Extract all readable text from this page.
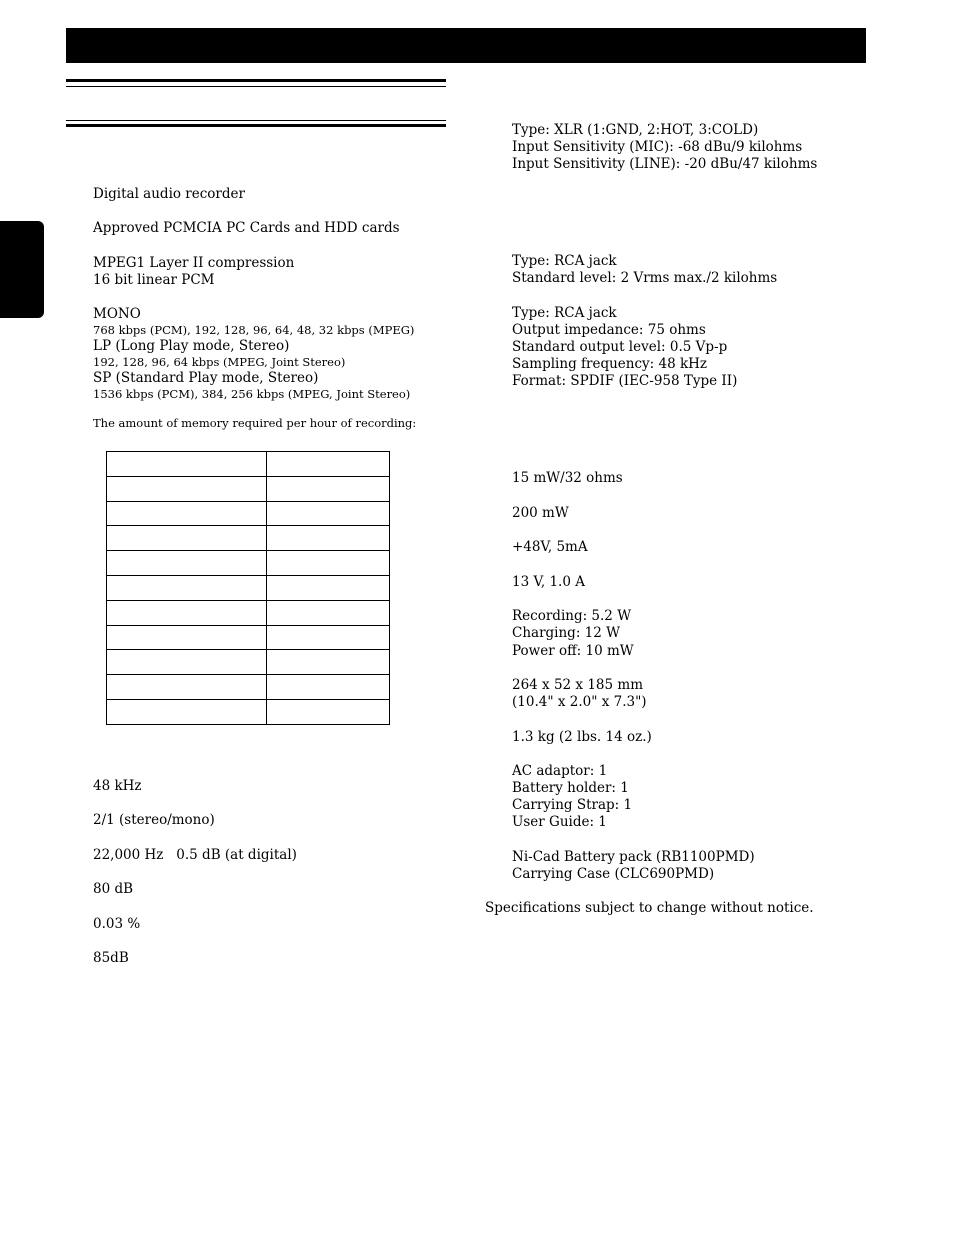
Digital audio recorder
Approved PCMCIA PC Cards and HDD cards
MPEG1 Layer II compression
16 bit linear PCM
MONO
768 kbps (PCM), 192, 128, 96, 64, 48, 32 kbps (MPEG)
LP (Long Play mode, Stereo)
192, 128, 96, 64 kbps (MPEG, Joint Stereo)
SP (Standard Play mode, Stereo)
1536 kbps (PCM), 384, 256 kbps (MPEG, Joint Stereo)
The amount of memory required per hour of recording:

48 kHz
2/1 (stereo/mono)
22,000 Hz   0.5 dB (at digital)
80 dB
0.03 %
85dB
Type: XLR (1:GND, 2:HOT, 3:COLD)
Input Sensitivity (MIC): -68 dBu/9 kilohms
Input Sensitivity (LINE): -20 dBu/47 kilohms
Type: RCA jack
Standard level: 2 Vrms max./2 kilohms
Type: RCA jack
Output impedance: 75 ohms
Standard output level: 0.5 Vp-p
Sampling frequency: 48 kHz
Format: SPDIF (IEC-958 Type II)
15 mW/32 ohms
200 mW
+48V, 5mA
13 V, 1.0 A
Recording: 5.2 W
Charging: 12 W
Power off: 10 mW
264 x 52 x 185 mm
(10.4" x 2.0" x 7.3")
1.3 kg (2 lbs. 14 oz.)
AC adaptor: 1
Battery holder: 1
Carrying Strap: 1
User Guide: 1
Ni-Cad Battery pack (RB1100PMD)
Carrying Case (CLC690PMD)
Specifications subject to change without notice.
